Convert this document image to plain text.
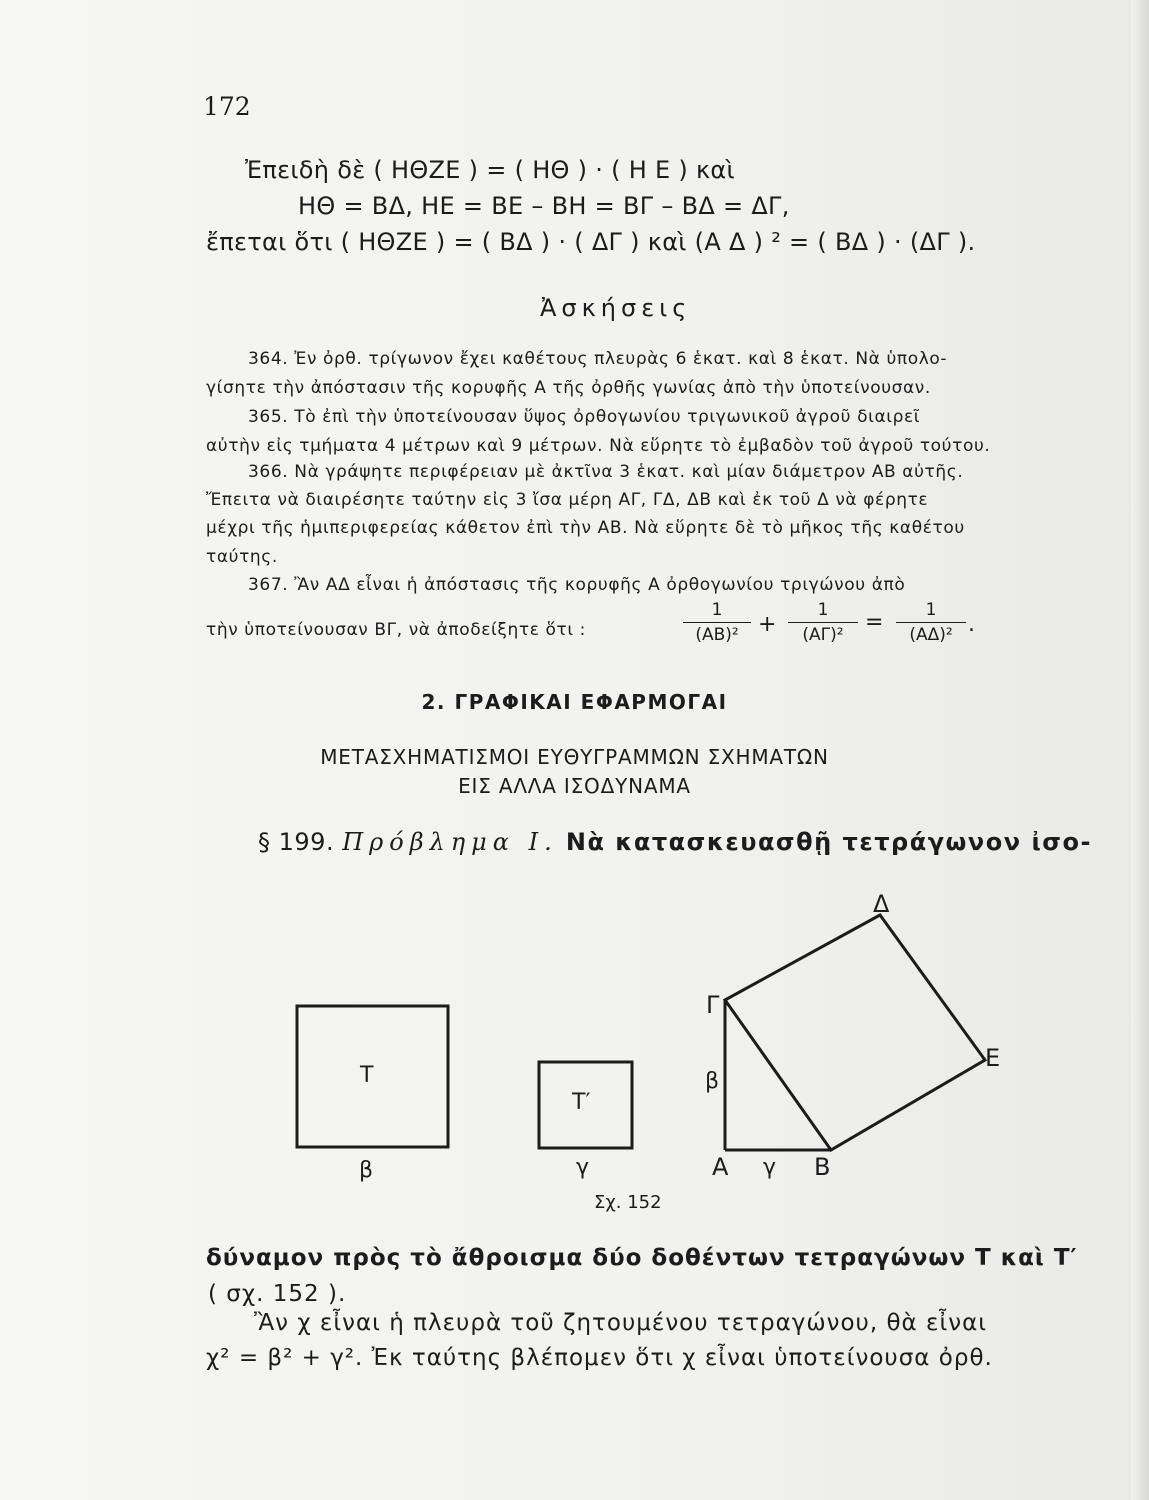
172
Ἐπειδὴ δὲ ( ΗΘΖΕ ) = ( ΗΘ ) · ( Η Ε ) καὶ
ΗΘ = ΒΔ, ΗΕ = ΒΕ – ΒΗ = ΒΓ – ΒΔ = ΔΓ,
ἔπεται ὅτι ( ΗΘΖΕ ) = ( ΒΔ ) · ( ΔΓ ) καὶ (Α Δ ) ² = ( ΒΔ ) · (ΔΓ ).
Ἀσκήσεις
364. Ἐν ὀρθ. τρίγωνον ἔχει καθέτους πλευρὰς 6 ἑκατ. καὶ 8 ἑκατ. Νὰ ὑπολο-
γίσητε τὴν ἀπόστασιν τῆς κορυφῆς Α τῆς ὀρθῆς γωνίας ἀπὸ τὴν ὑποτείνουσαν.
365. Τὸ ἐπὶ τὴν ὑποτείνουσαν ὕψος ὀρθογωνίου τριγωνικοῦ ἀγροῦ διαιρεῖ
αὐτὴν εἰς τμήματα 4 μέτρων καὶ 9 μέτρων. Νὰ εὕρητε τὸ ἐμβαδὸν τοῦ ἀγροῦ τούτου.
366. Νὰ γράψητε περιφέρειαν μὲ ἀκτῖνα 3 ἑκατ. καὶ μίαν διάμετρον ΑΒ αὐτῆς.
Ἔπειτα νὰ διαιρέσητε ταύτην εἰς 3 ἴσα μέρη ΑΓ, ΓΔ, ΔΒ καὶ ἐκ τοῦ Δ νὰ φέρητε
μέχρι τῆς ἡμιπεριφερείας κάθετον ἐπὶ τὴν ΑΒ. Νὰ εὕρητε δὲ τὸ μῆκος τῆς καθέτου
ταύτης.
367. Ἂν ΑΔ εἶναι ἡ ἀπόστασις τῆς κορυφῆς Α ὀρθογωνίου τριγώνου ἀπὸ
τὴν ὑποτείνουσαν ΒΓ, νὰ ἀποδείξητε ὅτι :	$\frac{1}{\text{(ΑΒ)²}} + \frac{1}{\text{(ΑΓ)²}} = \frac{1}{\text{(ΑΔ)²}}$ .
2. ΓΡΑΦΙΚΑΙ ΕΦΑΡΜΟΓΑΙ
ΜΕΤΑΣΧΗΜΑΤΙΣΜΟΙ ΕΥΘΥΓΡΑΜΜΩΝ ΣΧΗΜΑΤΩΝ
ΕΙΣ ΑΛΛΑ ΙΣΟΔΥΝΑΜΑ
§ 199. Πρόβλημα Ι. Νὰ κατασκευασθῇ τετράγωνον ἰσο-
Τ
β
Τ′
γ
Γ
Δ
Ε
Α	Β
β
γ
Σχ. 152
δύναμον πρὸς τὸ ἄθροισμα δύο δοθέντων τετραγώνων Τ καὶ Τ′
( σχ. 152 ).
Ἂν χ εἶναι ἡ πλευρὰ τοῦ ζητουμένου τετραγώνου, θὰ εἶναι
χ² = β² + γ². Ἐκ ταύτης βλέπομεν ὅτι χ εἶναι ὑποτείνουσα ὀρθ.
